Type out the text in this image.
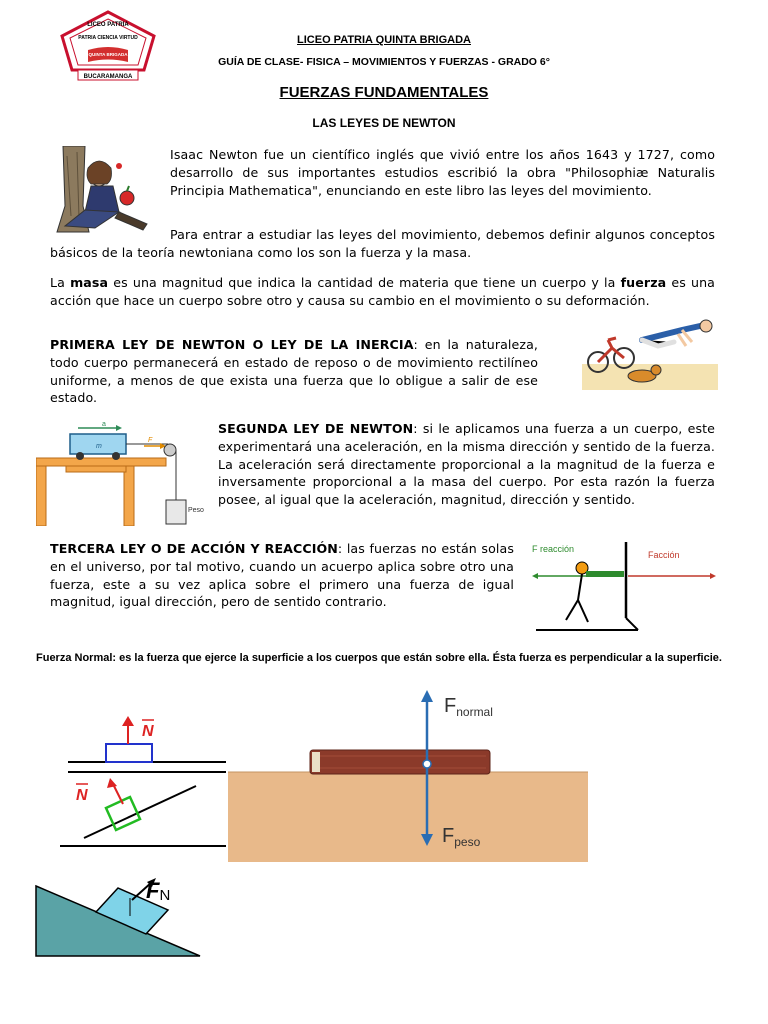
LICEO PATRIA
PATRIA CIENCIA VIRTUD
QUINTA BRIGADA
BUCARAMANGA
LICEO PATRIA QUINTA BRIGADA
GUÍA DE CLASE- FISICA – MOVIMIENTOS Y FUERZAS - GRADO 6°
FUERZAS FUNDAMENTALES
LAS LEYES DE NEWTON

Isaac Newton fue un científico inglés que vivió entre los años 1643 y 1727, como desarrollo de sus importantes estudios escribió la obra "Philosophiæ Naturalis Principia Mathematica", enunciando en este libro las leyes del movimiento.

Para entrar a estudiar las leyes del movimiento, debemos definir algunos conceptos básicos de la teoría newtoniana como los son la fuerza y la masa.

La masa es una magnitud que indica la cantidad de materia que tiene un cuerpo y la fuerza es una acción que hace un cuerpo sobre otro y causa su cambio en el movimiento o su deformación.

PRIMERA LEY DE NEWTON O LEY DE LA INERCIA: en la naturaleza, todo cuerpo permanecerá en estado de reposo o de movimiento rectilíneo uniforme, a menos de que exista una fuerza que lo obligue a salir de ese estado.

a
m
F
Peso

SEGUNDA LEY DE NEWTON: si le aplicamos una fuerza a un cuerpo, este experimentará una aceleración, en la misma dirección y sentido de la fuerza. La aceleración será directamente proporcional a la magnitud de la fuerza e inversamente proporcional a la masa del cuerpo. Por esta razón la fuerza posee, al igual que la aceleración, magnitud, dirección y sentido.

TERCERA LEY O DE ACCIÓN Y REACCIÓN: las fuerzas no están solas en el universo, por tal motivo, cuando un acuerpo aplica sobre otro una fuerza, este a su vez aplica sobre el primero una fuerza de igual magnitud, igual dirección, pero de sentido contrario.

F reacción
Facción
Fuerza Normal: es la fuerza que ejerce la superficie a los cuerpos que están sobre ella. Ésta fuerza es perpendicular a la superficie.
N
N
$F_{normal}$
$F_{peso}$
FN
